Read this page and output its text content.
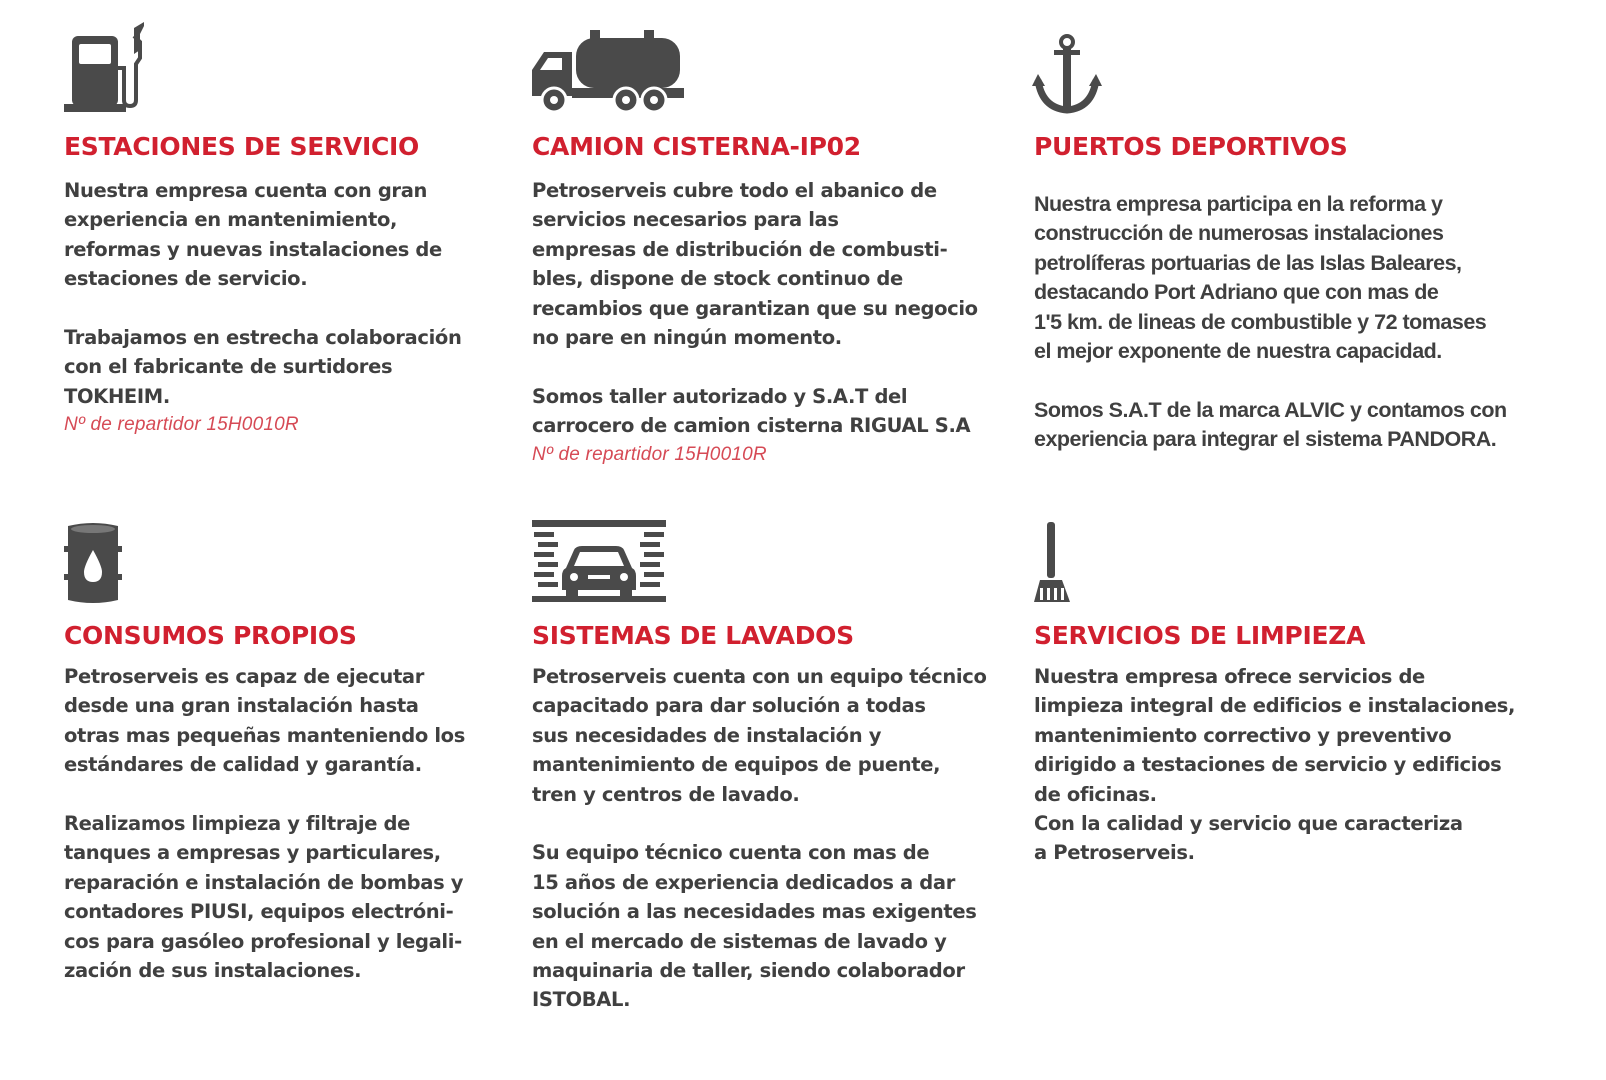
ESTACIONES DE SERVICIO

Nuestra empresa cuenta con gran
experiencia en mantenimiento,
reformas y nuevas instalaciones de
estaciones de servicio.

Trabajamos en estrecha colaboración
con el fabricante de surtidores
TOKHEIM.

Nº de repartidor 15H0010R
CAMION CISTERNA-IP02

Petroserveis cubre todo el abanico de
servicios necesarios para las
empresas de distribución de combusti-
bles, dispone de stock continuo de
recambios que garantizan que su negocio
no pare en ningún momento.

Somos taller autorizado y S.A.T del
carrocero de camion cisterna RIGUAL S.A

Nº de repartidor 15H0010R
PUERTOS DEPORTIVOS

Nuestra empresa participa en la reforma y
construcción de numerosas instalaciones
petrolíferas portuarias de las Islas Baleares,
destacando Port Adriano que con mas de
1'5 km. de lineas de combustible y 72 tomases
el mejor exponente de nuestra capacidad.

Somos S.A.T de la marca ALVIC y contamos con
experiencia para integrar el sistema PANDORA.

CONSUMOS PROPIOS

Petroserveis es capaz de ejecutar
desde una gran instalación hasta
otras mas pequeñas manteniendo los
estándares de calidad y garantía.

Realizamos limpieza y filtraje de
tanques a empresas y particulares,
reparación e instalación de bombas y
contadores PIUSI, equipos electróni-
cos para gasóleo profesional y legali-
zación de sus instalaciones.

SISTEMAS DE LAVADOS

Petroserveis cuenta con un equipo técnico
capacitado para dar solución a todas
sus necesidades de instalación y
mantenimiento de equipos de puente,
tren y centros de lavado.

Su equipo técnico cuenta con mas de
15 años de experiencia dedicados a dar
solución a las necesidades mas exigentes
en el mercado de sistemas de lavado y
maquinaria de taller, siendo colaborador
ISTOBAL.

SERVICIOS DE LIMPIEZA

Nuestra empresa ofrece servicios de
limpieza integral de edificios e instalaciones,
mantenimiento correctivo y preventivo
dirigido a testaciones de servicio y edificios
de oficinas.

Con la calidad y servicio que caracteriza
a Petroserveis.
